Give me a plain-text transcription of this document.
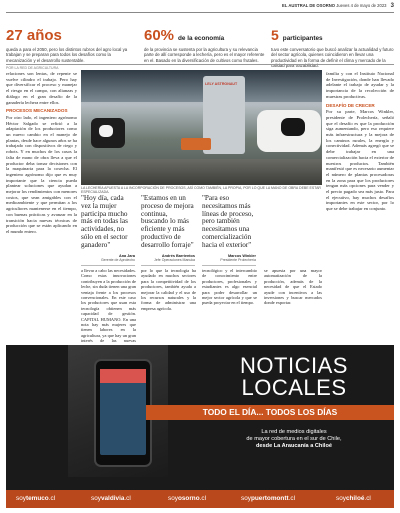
EL AUSTRAL DE OSORNO Jueves 4 de mayo de 2023 3
27 años
queda a para el 2050, pero los distintos rubros del agro local ya trabajan y se preparan para todos los desafíos como la mecanización y el desarrollo sustentable.
60% de la economía
de la provincia se sustenta por la agricultura y su relevancia parte de allí corresponde a lechería, pero es el mayor referente en el. Basado en la diversificación de cultivos como frutales.
5 participantes
tuvo este conversatorio que buscó analizar la actualidad y futuro del sector agrícola, quienes coincidieron en llevar una productividad en la forma de definir el clima y mercado de la calidad para trazabilidad.
POR LA RED DE AGRICULTURA

relaciones son lentas, de repente se vuelve cilindro el trabajo. Pero hay que diversificar el proceso y manejar el riesgo en el campo, con alianzas y diálogo en el gran desafío de la ganadería lechera entre ellos.

PROCESOS MECANIZADOS

Por otro lado, el ingeniero agrónomo Héctor Salgado se refirió a la adaptación de los productores como un nuevo cambio en el manejo de plantas, desde hace algunos años se ha trabajado con dispositivos de riego y robots. Y en muchos de los casos la falta de mano de obra lleva a que el productor deba tomar decisiones con la maquinaria para la cosecha. El ingeniero agrónomo dijo que es muy importante que la ciencia pueda plantear soluciones que ayudan a mejorar los rendimientos con menores costos, que sean amigables con el medioambiente y que permitan a los agricultores mantenerse en el tiempo, con buenas prácticas y avanzar en la transición hacia nuevas técnicas de producción que se están aplicando en el mundo entero.

LELY ASTRONAUT
LA LECHERÍA APUESTA A LA INCORPORACIÓN DE PROCESOS, ASÍ COMO TAMBIÉN, LA PROPIA, POR LO QUE LA MANO DE OBRA DEBE ESTAR ESPECIALIZADA.
"Hoy día, cada vez la mujer participa mucho más en todas las actividades, no sólo en el sector ganadero"
Ana Jara
Gerente de Aprolecho
"Estamos en un proceso de mejora continua, buscando lo más eficiente y más productivo de desarrollo forraje"
Andrés Barrientos
Jefe Operaciones Manuka
"Para eso necesitamos más líneas de proceso, pero también necesitamos una comercialización hacia el exterior"
Marcos Winkler
Presidente Prolechería
a llevar a cabo las necesidades. Como estas innovaciones contribuyen a la producción de leche, sin duda tienen una gran ventaja frente a los procesos convencionales. En este caso los productores que usan esta tecnología obtienen más capacidad de gestión. CAPITAL HUMANO. En una nota hay más mujeres que tienen labores en la agricultura, ya que hay un gran interés de las nuevas
por lo que la tecnología ha ayudado en muchos sectores para la competitividad de los productores, también ayuda a mejorar la calidad y el uso de los recursos naturales y la forma de administrar una empresa agrícola.
tecnológico y el intercambio de conocimiento entre productores, profesionales y estudiantes es algo esencial para poder desarrollar un mejor sector agrícola y que se pueda proyectar en el tiempo.
se apuesta por una mayor automatización de la producción, además de la necesidad de que el Estado ayude con incentivos a las inversiones y buscar mercados donde exportar.

familia y con el Instituto Nacional de Investigación, donde han llevado adelante el trabajo de ayudar y la importancia de la recolección de muestras productivas.

DESAFÍO DE CRECER

Por su parte, Marcos Winkler, presidente de Prolechería, señaló que el desafío es que la producción siga aumentando, pero eso requiere más infraestructura y la mejora de los caminos rurales, la energía y conectividad. Además agregó que se debe trabajar en una comercialización hacia el exterior de nuestros productos. También manifestó que es necesario aumentar el número de plantas procesadoras en la zona para que los productores tengan más opciones para vender y el precio pagado sea más justo. Para el ejecutivo, hay muchos desafíos importantes en este sector, por lo que se debe trabajar en conjunto.

NOTICIAS
LOCALES
TODO EL DÍA... TODOS LOS DÍAS
La red de medios digitales
de mayor cobertura en el sur de Chile,
desde La Araucanía a Chiloé
soytemuco.cl	soyvaldivia.cl	soyosorno.cl	soypuertomontt.cl	soychiloé.cl
